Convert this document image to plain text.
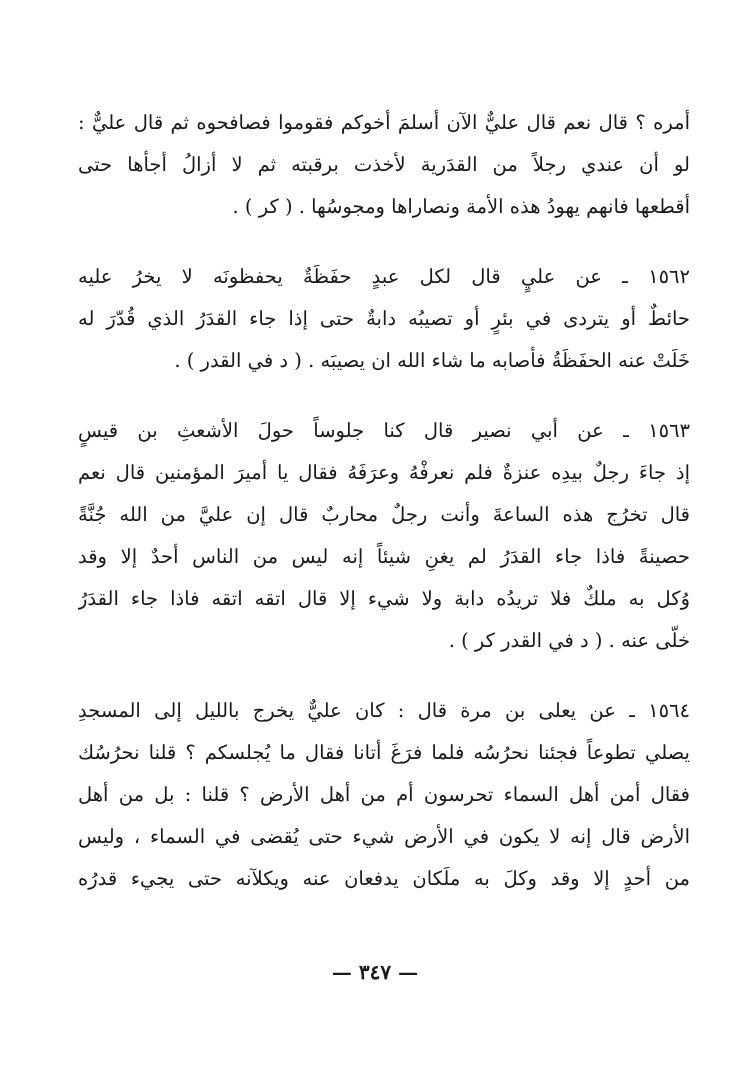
أمره ؟ قال نعم قال عليٌّ الآن أسلمَ أخوكم فقوموا فصافحوه ثم قال عليٌّ :
لو أن عندي رجلاً من القدَرية لأخذت برقبته ثم لا أزالُ أجأها حتى
أقطعها فانهم يهودُ هذه الأمة ونصاراها ومجوسُها . ( كر ) .
١٥٦٢ ـ عن عليٍ قال لكل عبدٍ حفَظَةٌ يحفظونَه لا يخرُ عليه
حائطٌ أو يتردى في بئرٍ أو تصيبُه دابةٌ حتى إذا جاء القدَرُ الذي قُدّرَ له
خَلَتْ عنه الحفَظَةُ فأصابه ما شاء الله ان يصيبَه . ( د في القدر ) .
١٥٦٣ ـ عن أبي نصير قال كنا جلوساً حولَ الأشعثِ بن قيسٍ
إذ جاءَ رجلٌ بيدِه عنزةٌ فلم نعرفْهُ وعرَفَهُ فقال يا أميرَ المؤمنين قال نعم
قال تخرُج هذه الساعةَ وأنت رجلٌ محاربٌ قال إن عليَّ من الله جُنَّةً
حصينةً فاذا جاء القدَرُ لم يغنِ شيئاً إنه ليس من الناس أحدٌ إلا وقد
وُكل به ملكٌ فلا تريدُه دابة ولا شيء إلا قال اتقه اتقه فاذا جاء القدَرُ
خلّى عنه . ( د في القدر كر ) .
١٥٦٤ ـ عن يعلى بن مرة قال : كان عليٌّ يخرج بالليل إلى المسجدِ
يصلي تطوعاً فجئنا نحرُسُه فلما فرَغَ أتانا فقال ما يُجلسكم ؟ قلنا نحرُسُك
فقال أمن أهل السماء تحرسون أم من أهل الأرض ؟ قلنا : بل من أهل
الأرض قال إنه لا يكون في الأرض شيء حتى يُقضى في السماء ، وليس
من أحدٍ إلا وقد وكلَ به ملَكان يدفعان عنه ويكلآنه حتى يجيء قدرُه
— ٣٤٧ —
